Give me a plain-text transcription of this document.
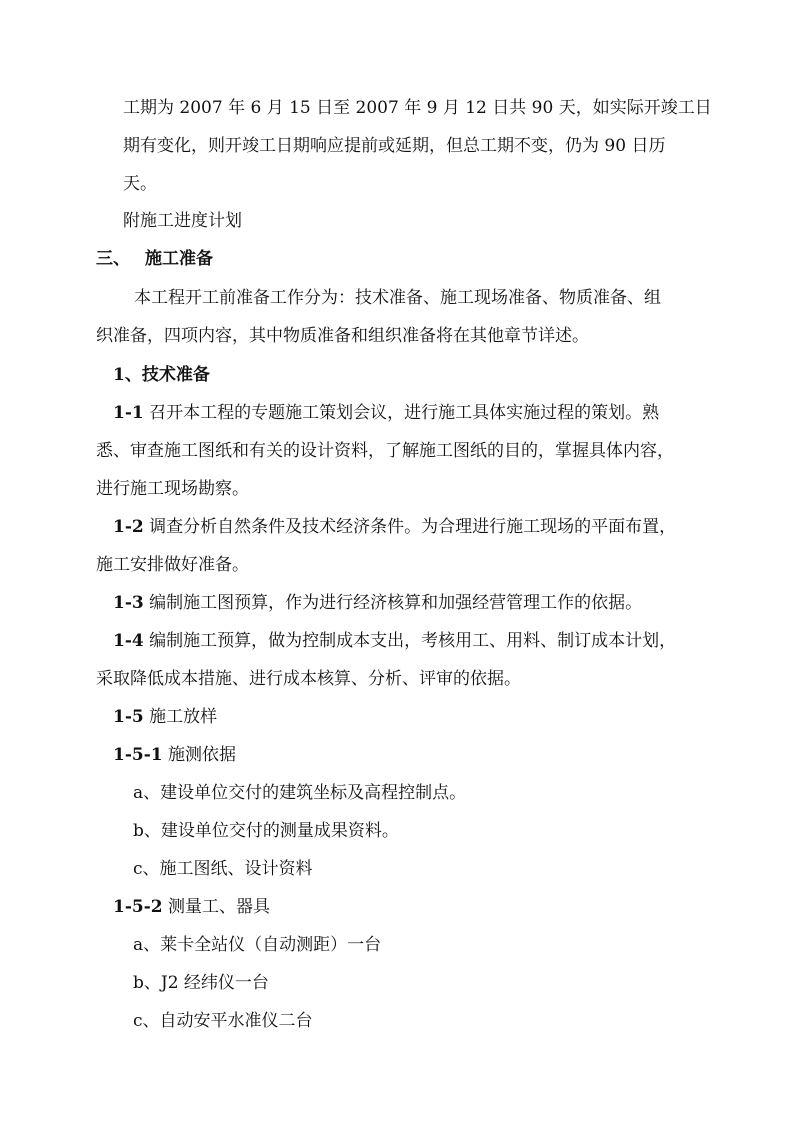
工期为 2007 年 6 月 15 日至 2007 年 9 月 12 日共 90 天，如实际开竣工日
期有变化，则开竣工日期响应提前或延期，但总工期不变，仍为 90 日历
天。
附施工进度计划
三、 施工准备
本工程开工前准备工作分为：技术准备、施工现场准备、物质准备、组
织准备，四项内容，其中物质准备和组织准备将在其他章节详述。
1、技术准备
1-1 召开本工程的专题施工策划会议，进行施工具体实施过程的策划。熟
悉、审查施工图纸和有关的设计资料，了解施工图纸的目的，掌握具体内容，
进行施工现场勘察。
1-2 调查分析自然条件及技术经济条件。为合理进行施工现场的平面布置，
施工安排做好准备。
1-3 编制施工图预算，作为进行经济核算和加强经营管理工作的依据。
1-4 编制施工预算，做为控制成本支出，考核用工、用料、制订成本计划，
采取降低成本措施、进行成本核算、分析、评审的依据。
1-5 施工放样
1-5-1 施测依据
a、建设单位交付的建筑坐标及高程控制点。
b、建设单位交付的测量成果资料。
c、施工图纸、设计资料
1-5-2 测量工、器具
a、莱卡全站仪（自动测距）一台
b、J2 经纬仪一台
c、自动安平水准仪二台
